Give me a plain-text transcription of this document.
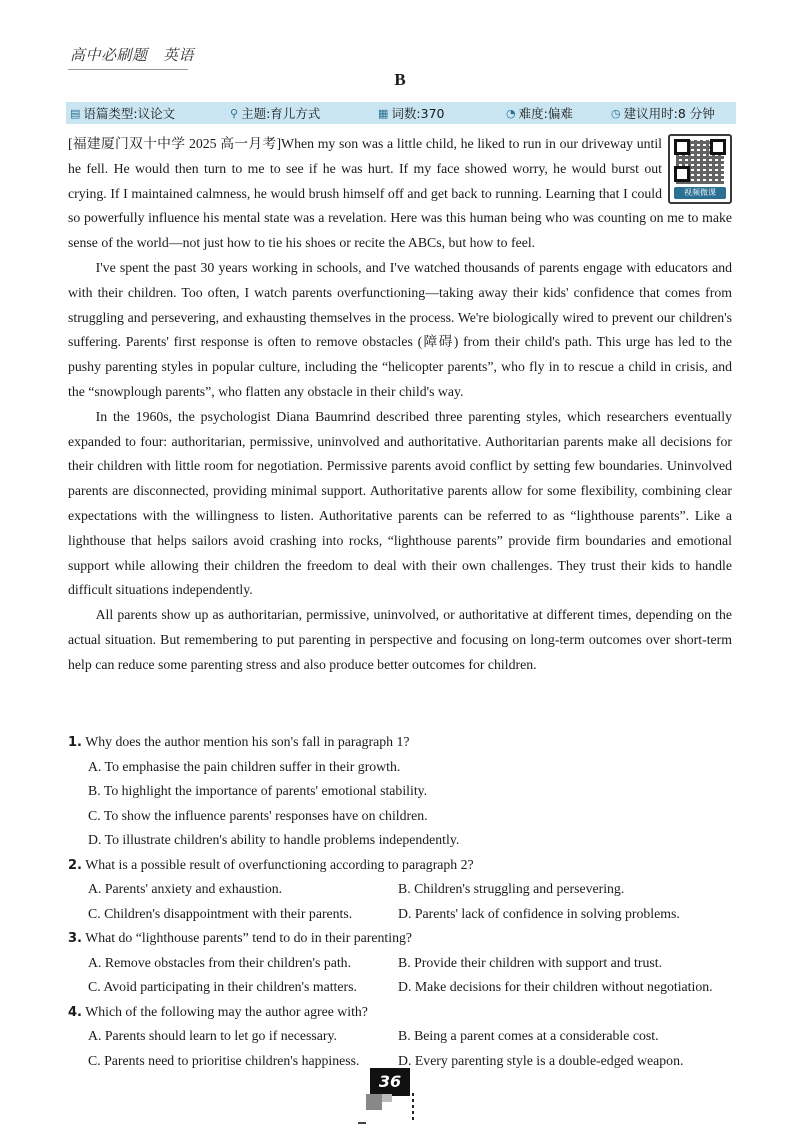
高中必刷题　英语
B
▤ 语篇类型:议论文	⚲ 主题:育儿方式	▦ 词数:370	◔ 难度:偏难	◷ 建议用时:8 分钟

视频微课
[福建厦门双十中学 2025 高一月考]When my son was a little child, he liked to run in our driveway until he fell. He would then turn to me to see if he was hurt. If my face showed worry, he would burst out crying. If I maintained calmness, he would brush himself off and get back to running. Learning that I could so powerfully influence his mental state was a revelation. Here was this human being who was counting on me to make sense of the world—not just how to tie his shoes or recite the ABCs, but how to feel.

I've spent the past 30 years working in schools, and I've watched thousands of parents engage with educators and with their children. Too often, I watch parents overfunctioning—taking away their kids' confidence that comes from struggling and persevering, and exhausting themselves in the process. We're biologically wired to prevent our children's suffering. Parents' first response is often to remove obstacles (障碍) from their child's path. This urge has led to the pushy parenting styles in popular culture, including the “helicopter parents”, who fly in to rescue a child in crisis, and the “snowplough parents”, who flatten any obstacle in their child's way.

In the 1960s, the psychologist Diana Baumrind described three parenting styles, which researchers eventually expanded to four: authoritarian, permissive, uninvolved and authoritative. Authoritarian parents make all decisions for their children with little room for negotiation. Permissive parents avoid conflict by setting few boundaries. Uninvolved parents are disconnected, providing minimal support. Authoritative parents allow for some flexibility, combining clear expectations with the willingness to listen. Authoritative parents can be referred to as “lighthouse parents”. Like a lighthouse that helps sailors avoid crashing into rocks, “lighthouse parents” provide firm boundaries and emotional support while allowing their children the freedom to deal with their own challenges. They trust their kids to handle difficult situations independently.

All parents show up as authoritarian, permissive, uninvolved, or authoritative at different times, depending on the actual situation. But remembering to put parenting in perspective and focusing on long-term outcomes over short-term help can reduce some parenting stress and also produce better outcomes for children.

1. Why does the author mention his son's fall in paragraph 1?
A. To emphasise the pain children suffer in their growth.
B. To highlight the importance of parents' emotional stability.
C. To show the influence parents' responses have on children.
D. To illustrate children's ability to handle problems independently.
2. What is a possible result of overfunctioning according to paragraph 2?
A. Parents' anxiety and exhaustion.	B. Children's struggling and persevering.
C. Children's disappointment with their parents.	D. Parents' lack of confidence in solving problems.
3. What do “lighthouse parents” tend to do in their parenting?
A. Remove obstacles from their children's path.	B. Provide their children with support and trust.
C. Avoid participating in their children's matters.	D. Make decisions for their children without negotiation.
4. Which of the following may the author agree with?
A. Parents should learn to let go if necessary.	B. Being a parent comes at a considerable cost.
C. Parents need to prioritise children's happiness.	D. Every parenting style is a double-edged weapon.
36
